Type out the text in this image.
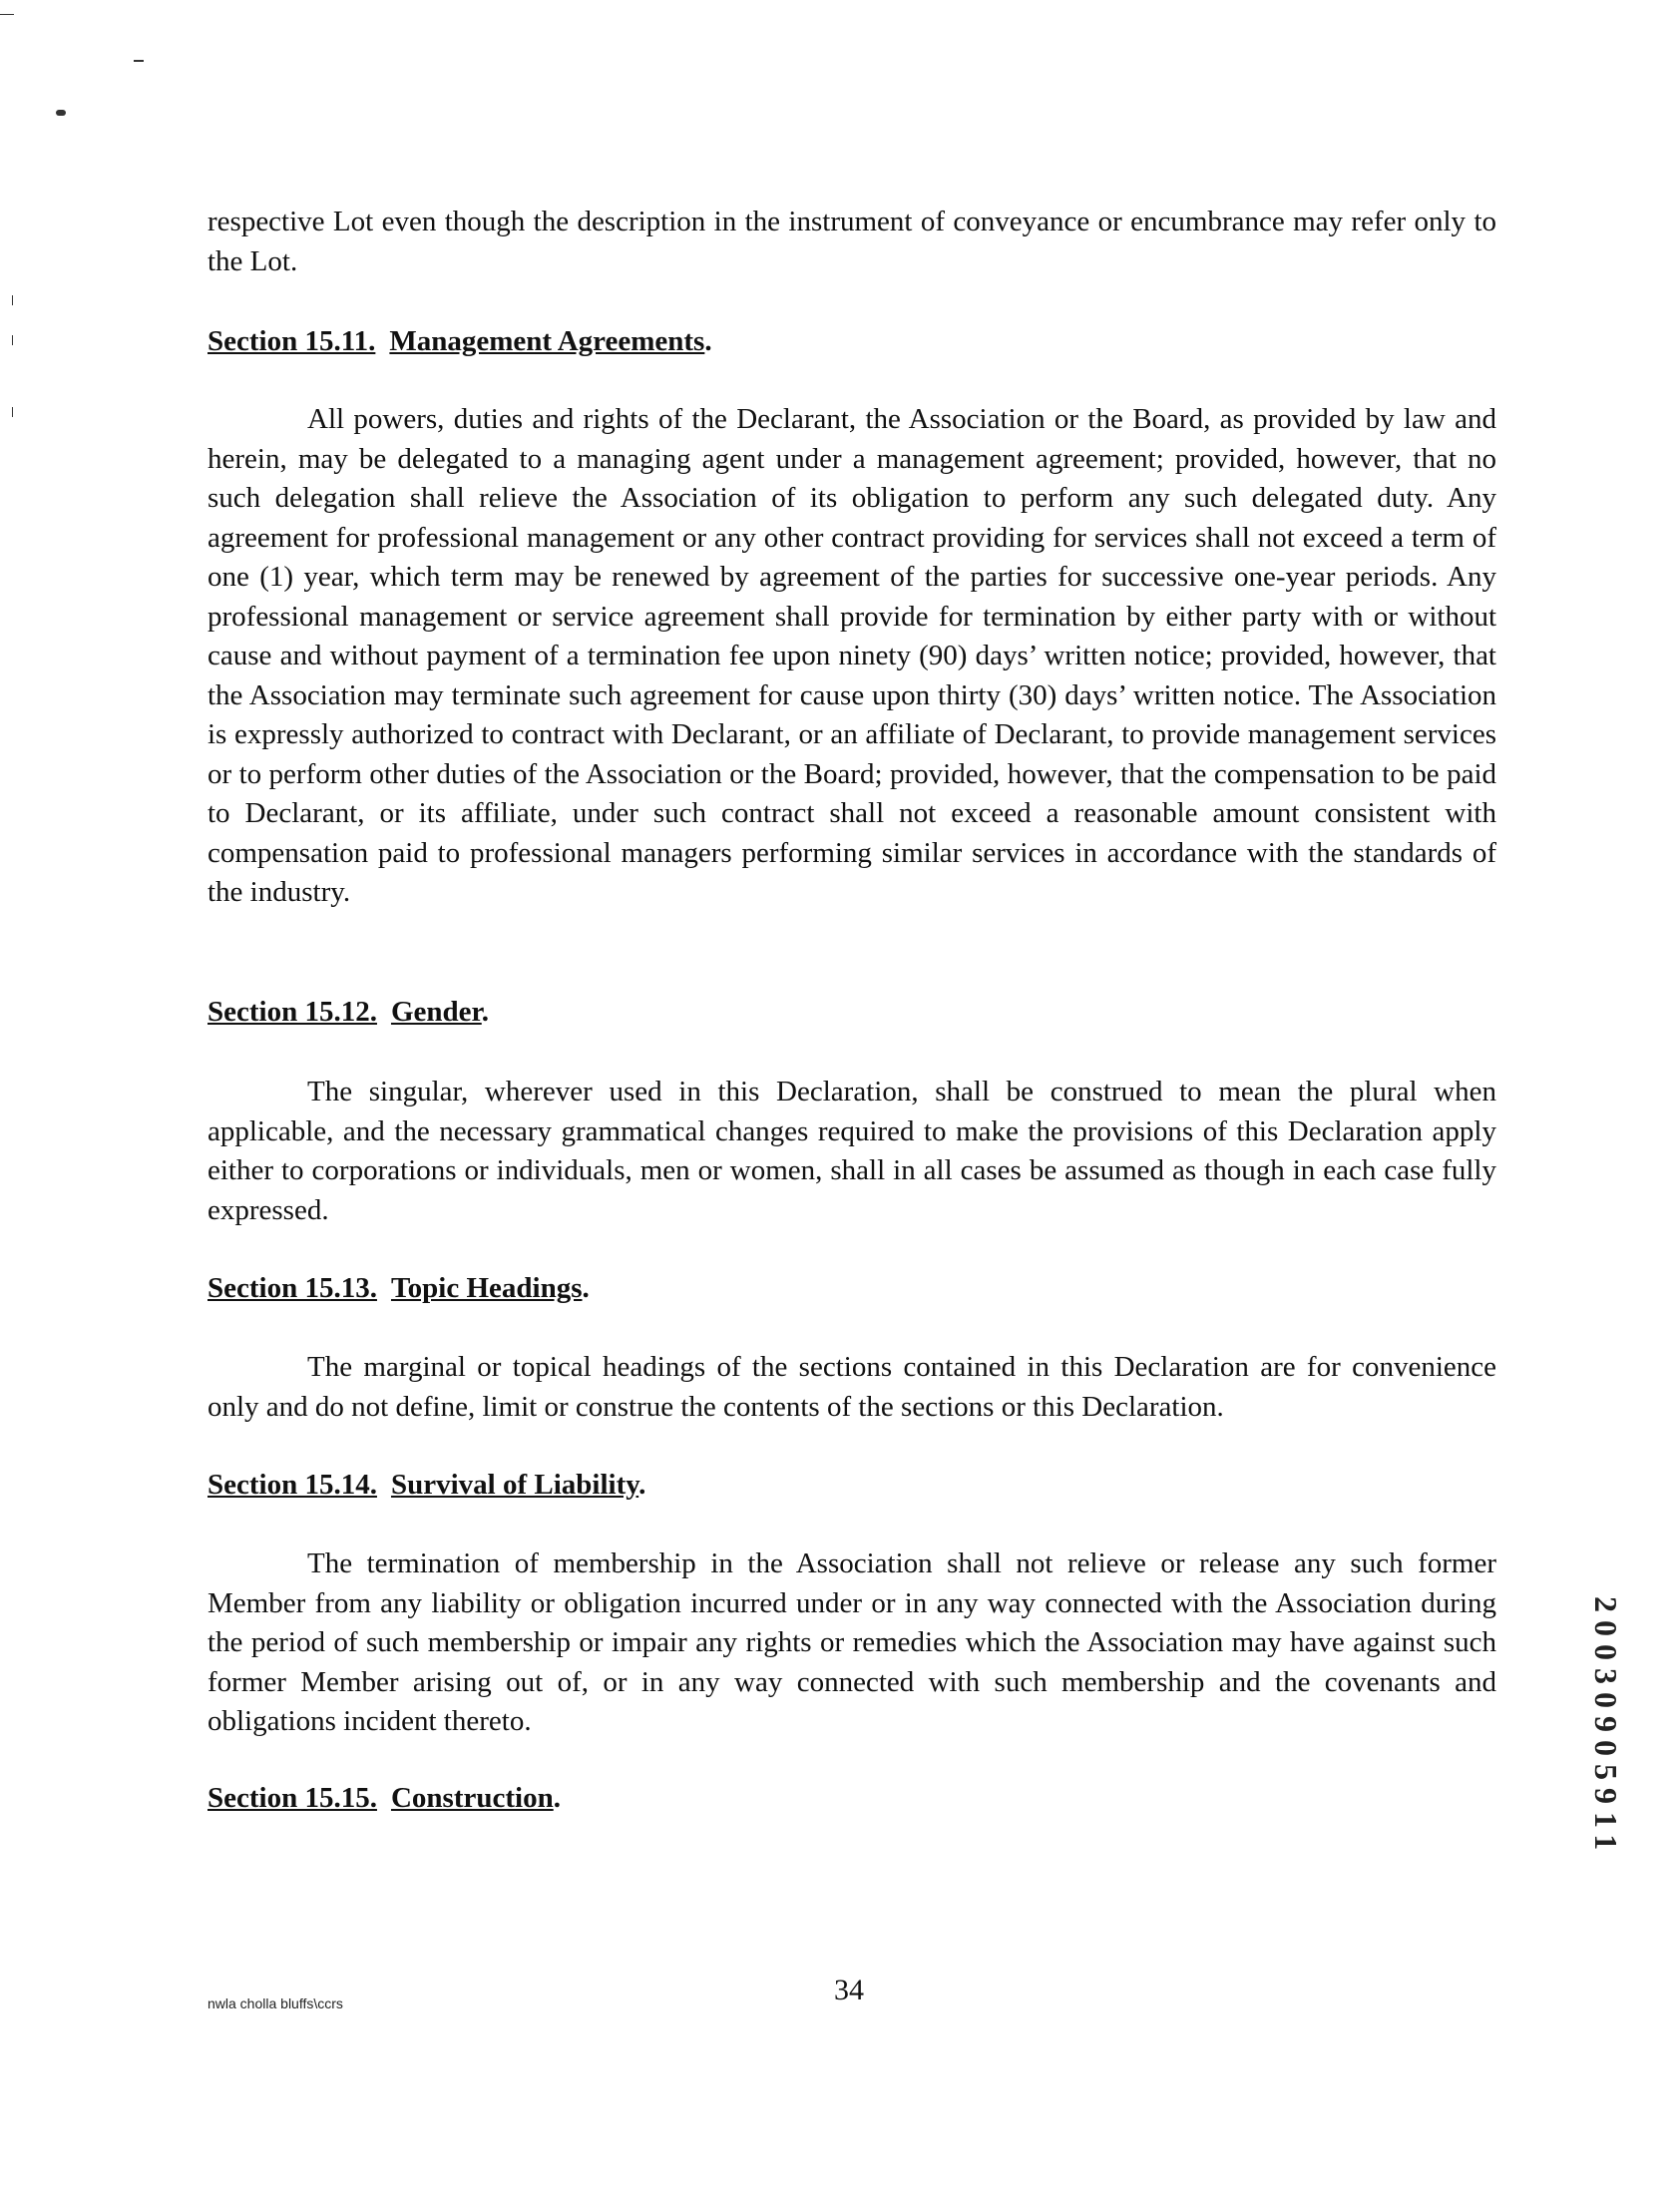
respective Lot even though the description in the instrument of conveyance or encumbrance may refer only to the Lot.

Section 15.11. Management Agreements.

All powers, duties and rights of the Declarant, the Association or the Board, as provided by law and herein, may be delegated to a managing agent under a management agreement; provided, however, that no such delegation shall relieve the Association of its obligation to perform any such delegated duty. Any agreement for professional management or any other contract providing for services shall not exceed a term of one (1) year, which term may be renewed by agreement of the parties for successive one-year periods. Any professional management or service agreement shall provide for termination by either party with or without cause and without payment of a termination fee upon ninety (90) days’ written notice; provided, however, that the Association may terminate such agreement for cause upon thirty (30) days’ written notice. The Association is expressly authorized to contract with Declarant, or an affiliate of Declarant, to provide management services or to perform other duties of the Association or the Board; provided, however, that the compensation to be paid to Declarant, or its affiliate, under such contract shall not exceed a reasonable amount consistent with compensation paid to professional managers performing similar services in accordance with the standards of the industry.

Section 15.12. Gender.

The singular, wherever used in this Declaration, shall be construed to mean the plural when applicable, and the necessary grammatical changes required to make the provisions of this Declaration apply either to corporations or individuals, men or women, shall in all cases be assumed as though in each case fully expressed.

Section 15.13. Topic Headings.

The marginal or topical headings of the sections contained in this Declaration are for convenience only and do not define, limit or construe the contents of the sections or this Declaration.

Section 15.14. Survival of Liability.

The termination of membership in the Association shall not relieve or release any such former Member from any liability or obligation incurred under or in any way connected with the Association during the period of such membership or impair any rights or remedies which the Association may have against such former Member arising out of, or in any way connected with such membership and the covenants and obligations incident thereto.

Section 15.15. Construction.

nwla cholla bluffs\ccrs	34
20030905911
